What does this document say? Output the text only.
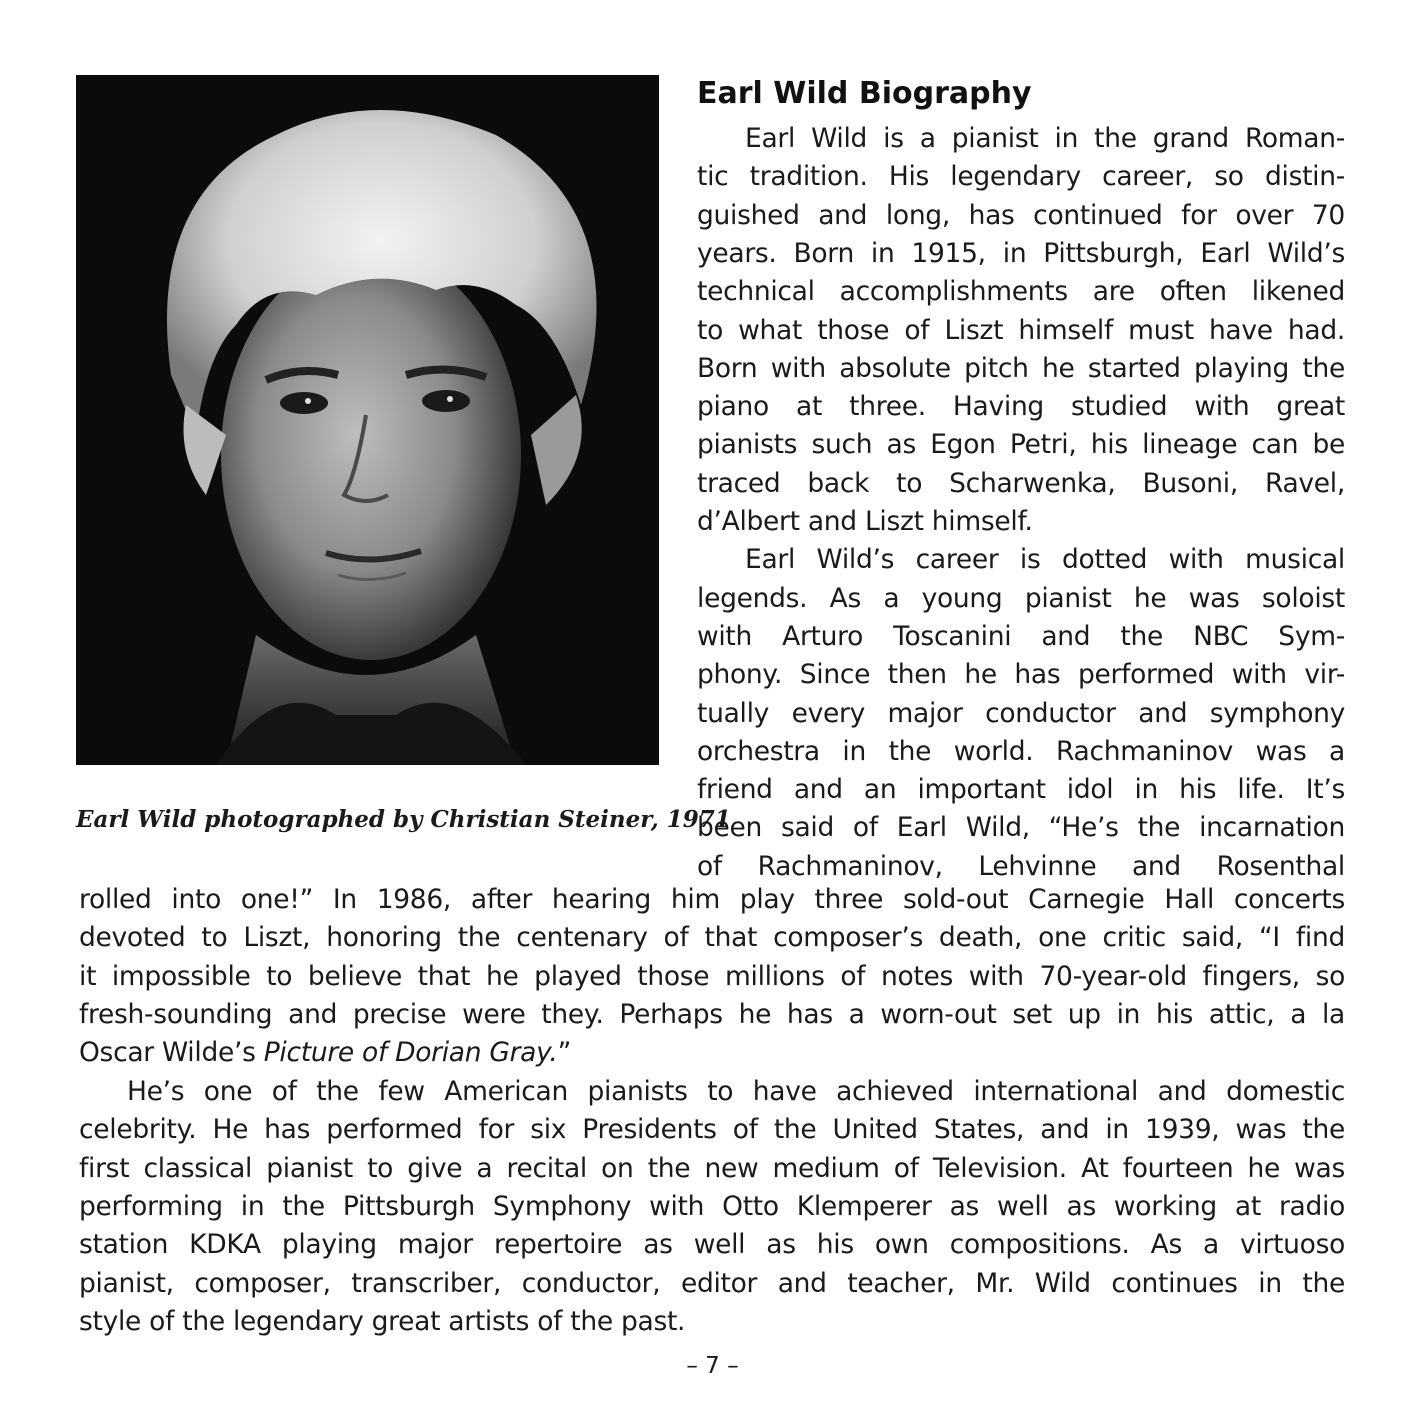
Earl Wild photographed by Christian Steiner, 1971
Earl Wild Biography
Earl Wild is a pianist in the grand Roman-
tic tradition. His legendary career, so distin-
guished and long, has continued for over 70
years. Born in 1915, in Pittsburgh, Earl Wild’s
technical accomplishments are often likened
to what those of Liszt himself must have had.
Born with absolute pitch he started playing the
piano at three. Having studied with great
pianists such as Egon Petri, his lineage can be
traced back to Scharwenka, Busoni, Ravel,
d’Albert and Liszt himself.
Earl Wild’s career is dotted with musical
legends. As a young pianist he was soloist
with Arturo Toscanini and the NBC Sym-
phony. Since then he has performed with vir-
tually every major conductor and symphony
orchestra in the world. Rachmaninov was a
friend and an important idol in his life. It’s
been said of Earl Wild, “He’s the incarnation
of Rachmaninov, Lehvinne and Rosenthal
rolled into one!” In 1986, after hearing him play three sold-out Carnegie Hall concerts
devoted to Liszt, honoring the centenary of that composer’s death, one critic said, “I find
it impossible to believe that he played those millions of notes with 70-year-old fingers, so
fresh-sounding and precise were they. Perhaps he has a worn-out set up in his attic, a la
Oscar Wilde’s Picture of Dorian Gray.”
He’s one of the few American pianists to have achieved international and domestic
celebrity. He has performed for six Presidents of the United States, and in 1939, was the
first classical pianist to give a recital on the new medium of Television. At fourteen he was
performing in the Pittsburgh Symphony with Otto Klemperer as well as working at radio
station KDKA playing major repertoire as well as his own compositions. As a virtuoso
pianist, composer, transcriber, conductor, editor and teacher, Mr. Wild continues in the
style of the legendary great artists of the past.
– 7 –
